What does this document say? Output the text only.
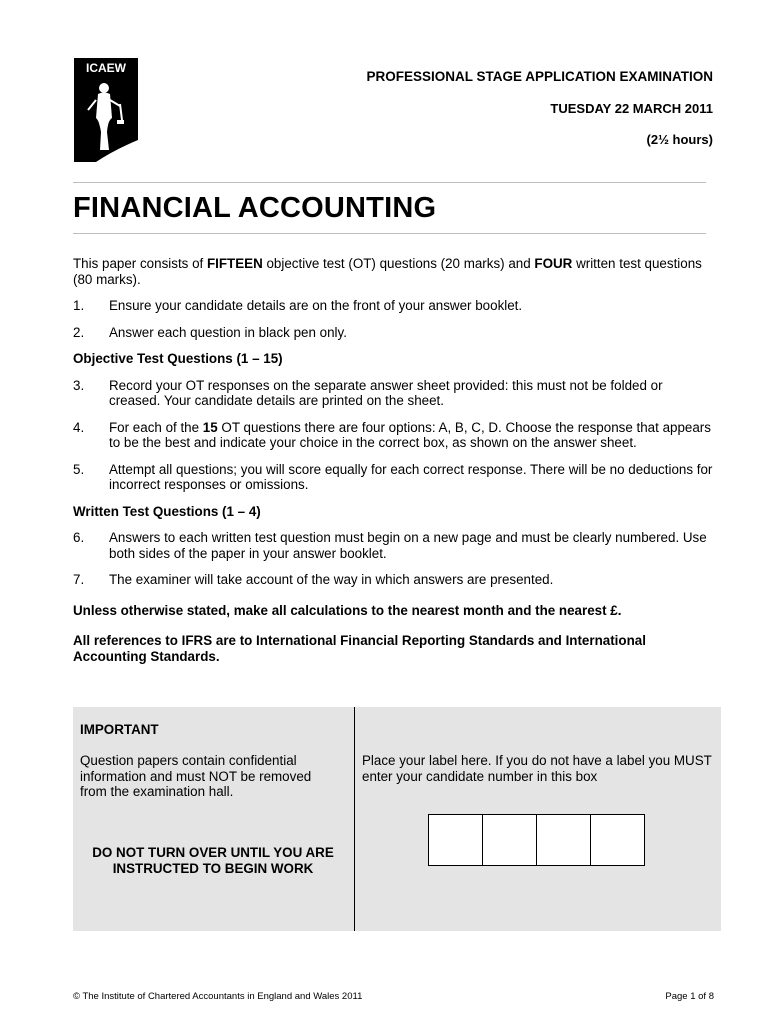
ICAEW
PROFESSIONAL STAGE APPLICATION EXAMINATION
TUESDAY 22 MARCH 2011
(2½ hours)
FINANCIAL ACCOUNTING

This paper consists of FIFTEEN objective test (OT) questions (20 marks) and FOUR written test questions (80 marks).

1.	Ensure your candidate details are on the front of your answer booklet.
2.	Answer each question in black pen only.

Objective Test Questions (1 – 15)

3.	Record your OT responses on the separate answer sheet provided: this must not be folded or creased. Your candidate details are printed on the sheet.
4.	For each of the 15 OT questions there are four options: A, B, C, D. Choose the response that appears to be the best and indicate your choice in the correct box, as shown on the answer sheet.
5.	Attempt all questions; you will score equally for each correct response. There will be no deductions for incorrect responses or omissions.

Written Test Questions (1 – 4)

6.	Answers to each written test question must begin on a new page and must be clearly numbered. Use both sides of the paper in your answer booklet.
7.	The examiner will take account of the way in which answers are presented.

Unless otherwise stated, make all calculations to the nearest month and the nearest £.

All references to IFRS are to International Financial Reporting Standards and International Accounting Standards.

IMPORTANT
Question papers contain confidential information and must NOT be removed from the examination hall.
DO NOT TURN OVER UNTIL YOU ARE INSTRUCTED TO BEGIN WORK
Place your label here. If you do not have a label you MUST enter your candidate number in this box
© The Institute of Chartered Accountants in England and Wales 2011	Page 1 of 8
